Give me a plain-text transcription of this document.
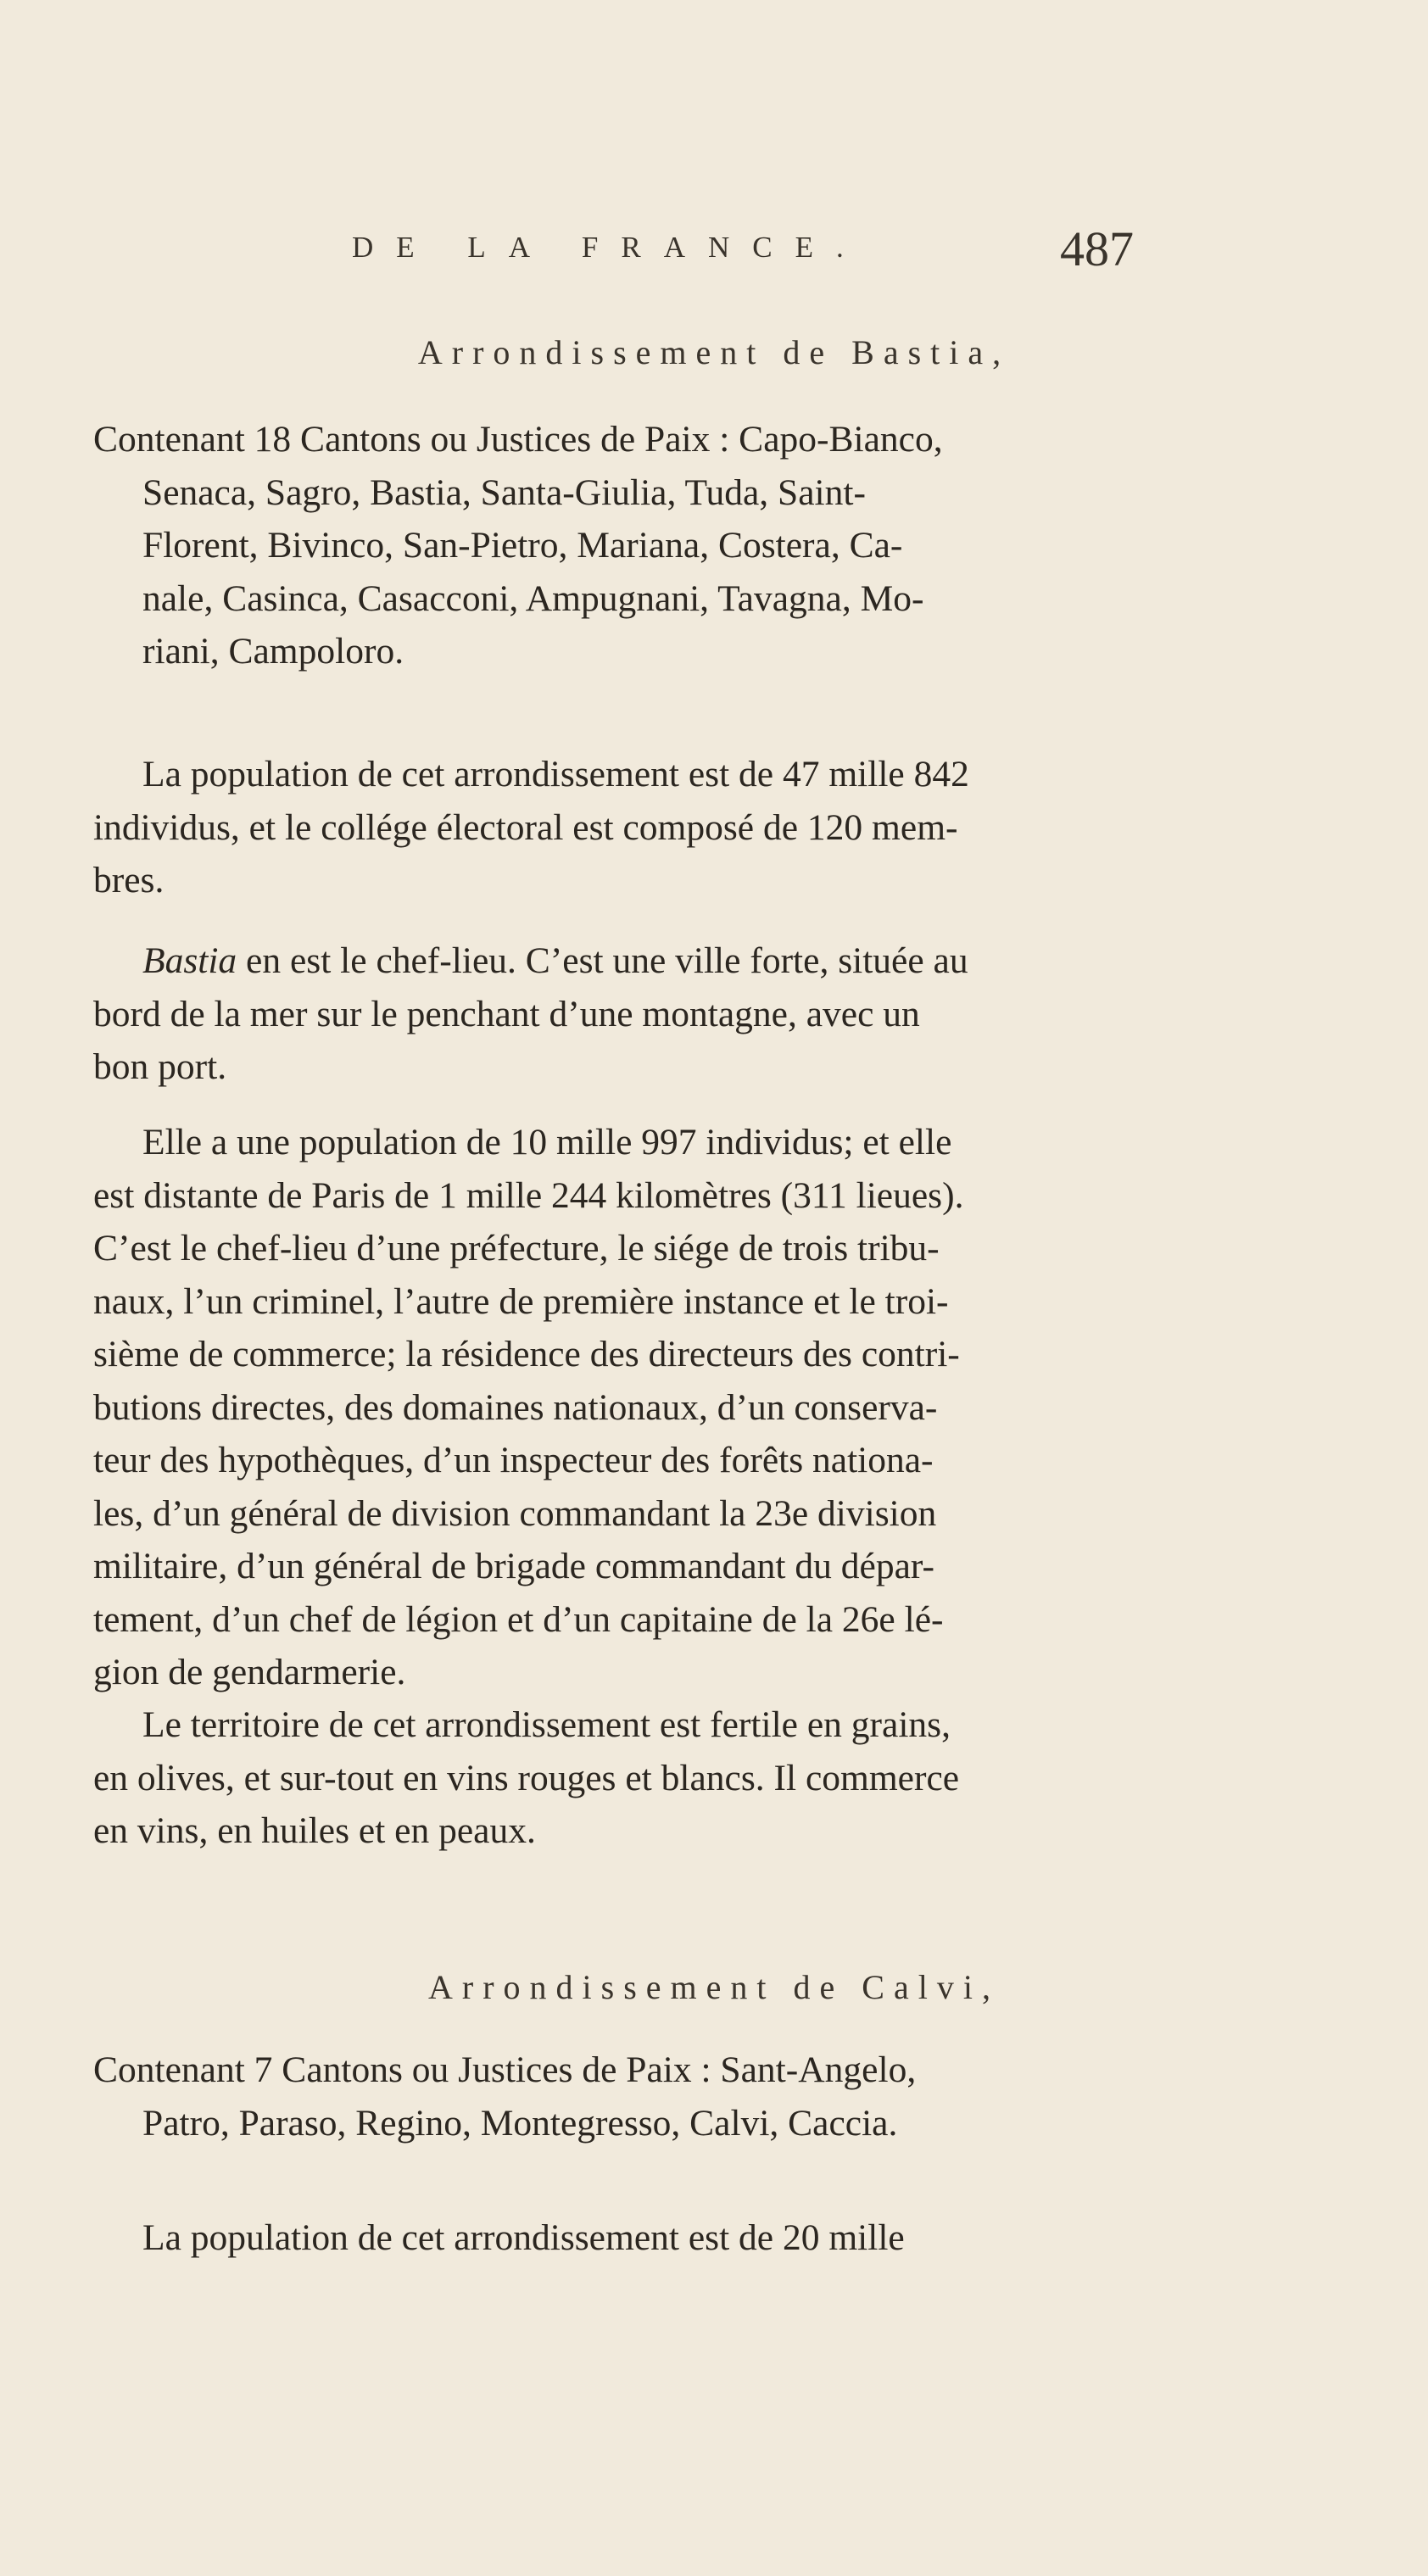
DE LA FRANCE.	487
Arrondissement de Bastia,
Contenant 18 Cantons ou Justices de Paix : Capo-Bianco,
Senaca, Sagro, Bastia, Santa-Giulia, Tuda, Saint-
Florent, Bivinco, San-Pietro, Mariana, Costera, Ca-
nale, Casinca, Casacconi, Ampugnani, Tavagna, Mo-
riani, Campoloro.
La population de cet arrondissement est de 47 mille 842
individus, et le collége électoral est composé de 120 mem-
bres.
Bastia en est le chef-lieu. C’est une ville forte, située au
bord de la mer sur le penchant d’une montagne, avec un
bon port.
Elle a une population de 10 mille 997 individus; et elle
est distante de Paris de 1 mille 244 kilomètres (311 lieues).
C’est le chef-lieu d’une préfecture, le siége de trois tribu-
naux, l’un criminel, l’autre de première instance et le troi-
sième de commerce; la résidence des directeurs des contri-
butions directes, des domaines nationaux, d’un conserva-
teur des hypothèques, d’un inspecteur des forêts nationa-
les, d’un général de division commandant la 23e division
militaire, d’un général de brigade commandant du dépar-
tement, d’un chef de légion et d’un capitaine de la 26e lé-
gion de gendarmerie.
Le territoire de cet arrondissement est fertile en grains,
en olives, et sur-tout en vins rouges et blancs. Il commerce
en vins, en huiles et en peaux.
Arrondissement de Calvi,
Contenant 7 Cantons ou Justices de Paix : Sant-Angelo,
Patro, Paraso, Regino, Montegresso, Calvi, Caccia.
La population de cet arrondissement est de 20 mille
